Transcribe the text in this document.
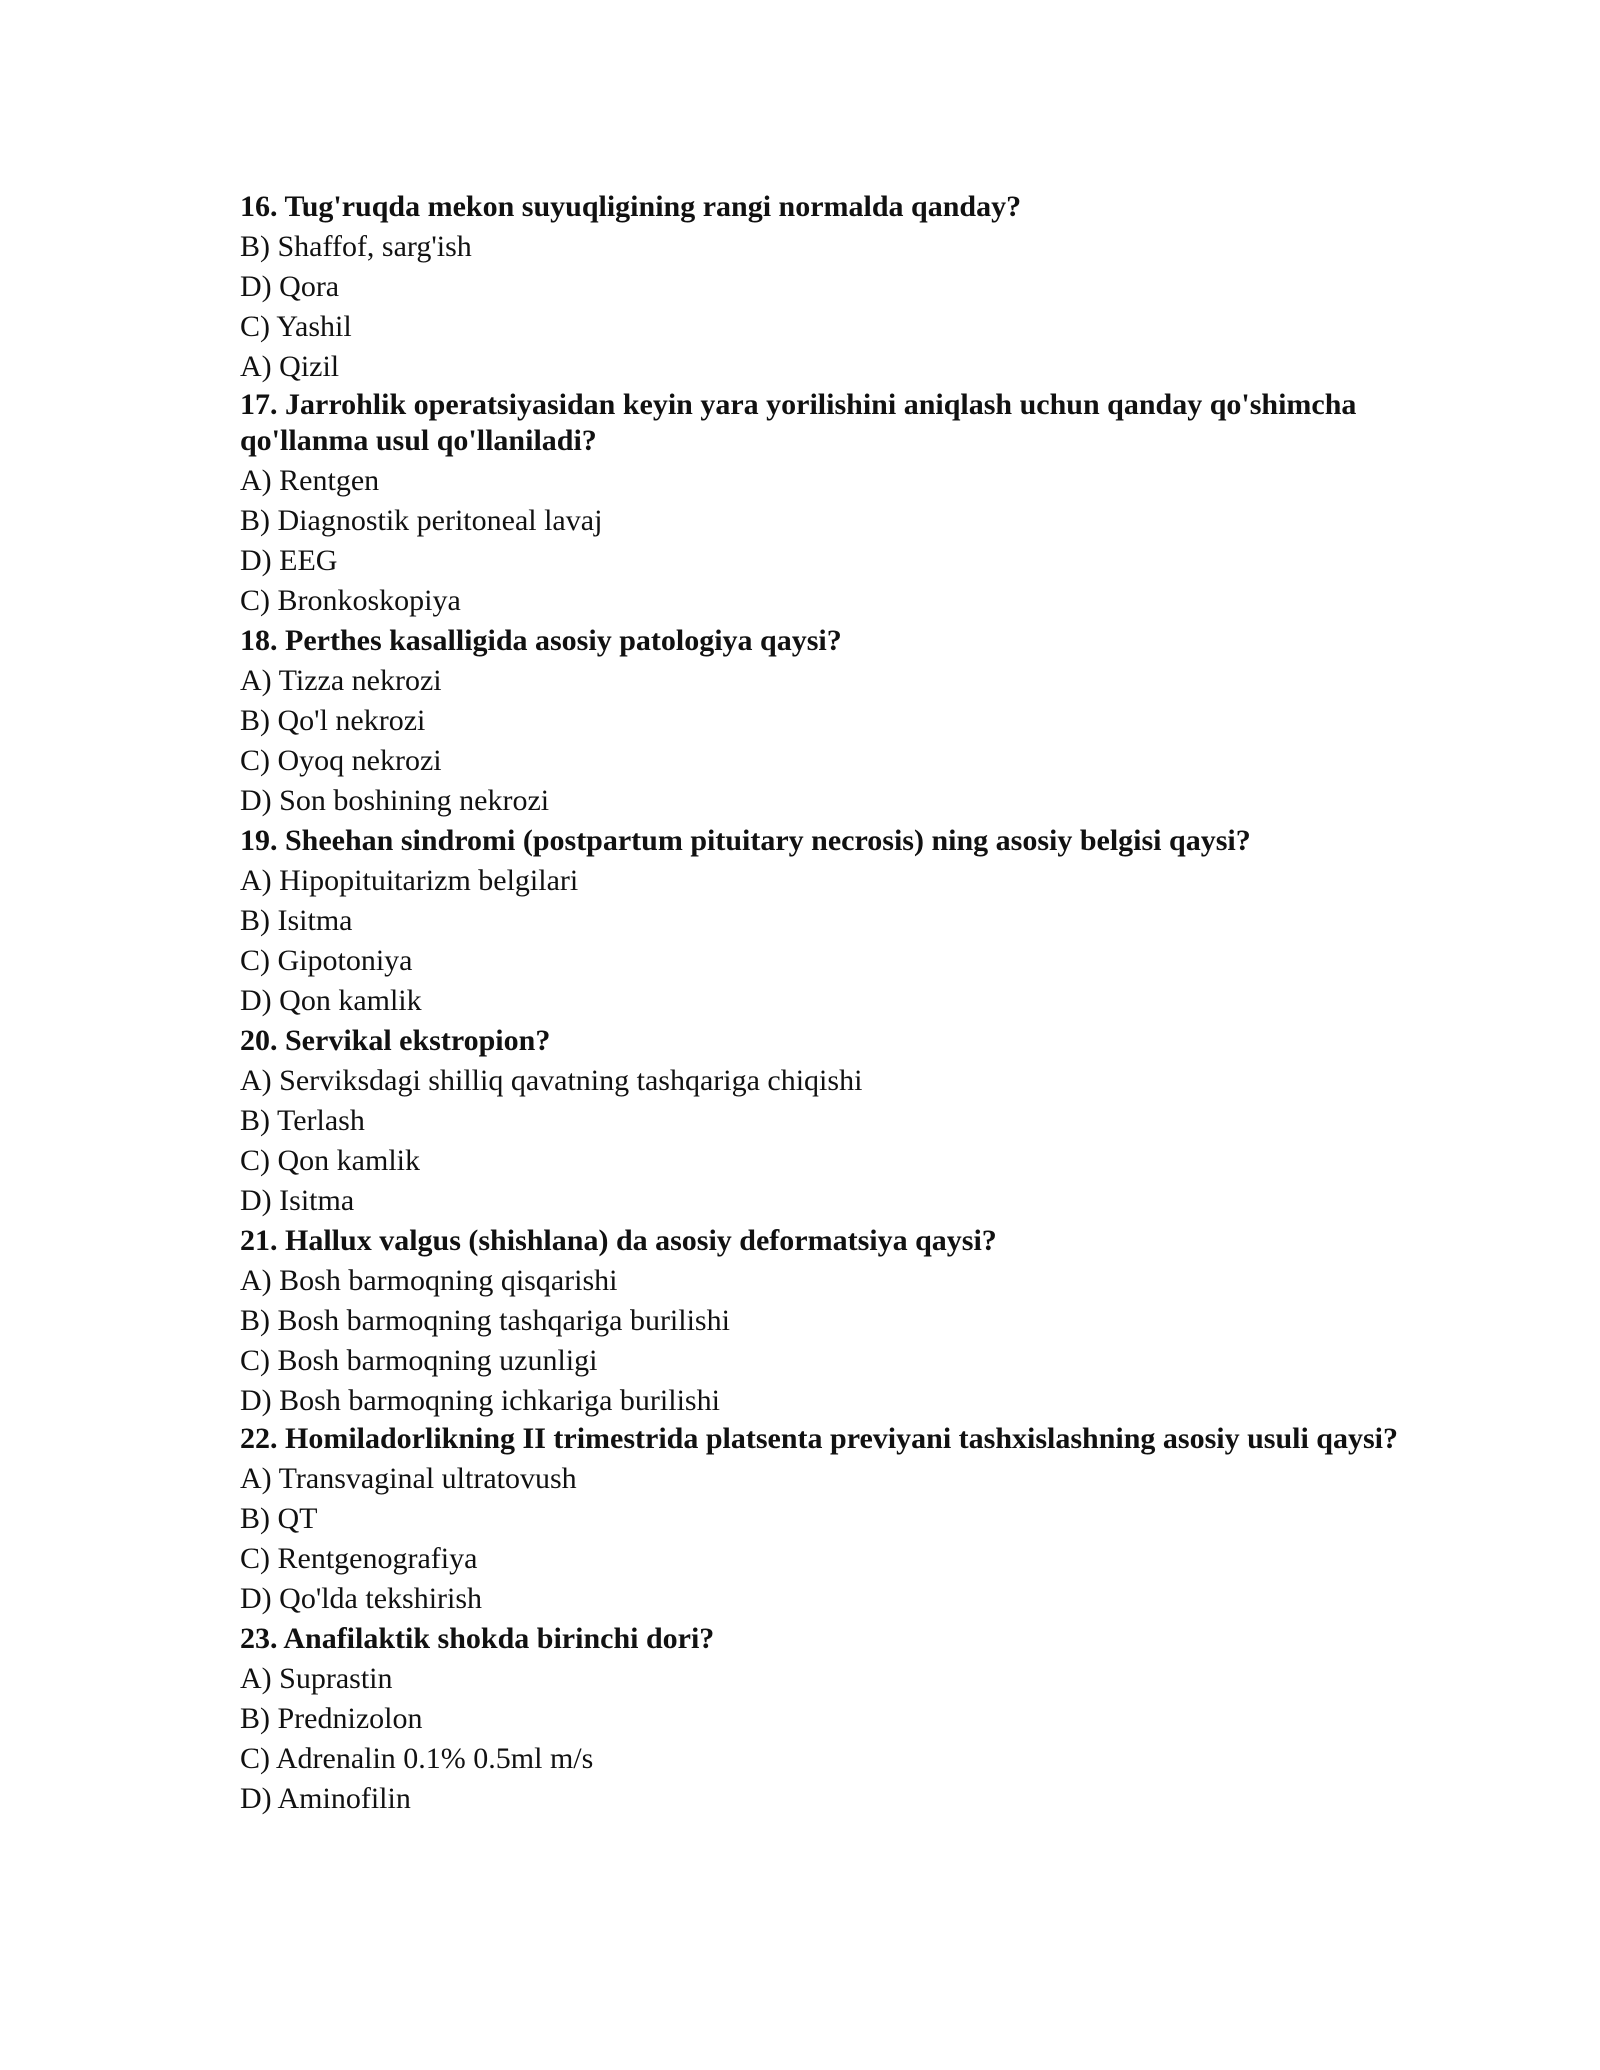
16. Tug'ruqda mekon suyuqligining rangi normalda qanday?
B) Shaffof, sarg'ish
D) Qora
C) Yashil
A) Qizil
17. Jarrohlik operatsiyasidan keyin yara yorilishini aniqlash uchun qanday qo'shimcha qo'llanma usul qo'llaniladi?
A) Rentgen
B) Diagnostik peritoneal lavaj
D) EEG
C) Bronkoskopiya
18. Perthes kasalligida asosiy patologiya qaysi?
A) Tizza nekrozi
B) Qo'l nekrozi
C) Oyoq nekrozi
D) Son boshining nekrozi
19. Sheehan sindromi (postpartum pituitary necrosis) ning asosiy belgisi qaysi?
A) Hipopituitarizm belgilari
B) Isitma
C) Gipotoniya
D) Qon kamlik
20. Servikal ekstropion?
A) Serviksdagi shilliq qavatning tashqariga chiqishi
B) Terlash
C) Qon kamlik
D) Isitma
21. Hallux valgus (shishlana) da asosiy deformatsiya qaysi?
A) Bosh barmoqning qisqarishi
B) Bosh barmoqning tashqariga burilishi
C) Bosh barmoqning uzunligi
D) Bosh barmoqning ichkariga burilishi
22. Homiladorlikning II trimestrida platsenta previyani tashxislashning asosiy usuli qaysi?
A) Transvaginal ultratovush
B) QT
C) Rentgenografiya
D) Qo'lda tekshirish
23. Anafilaktik shokda birinchi dori?
A) Suprastin
B) Prednizolon
C) Adrenalin 0.1% 0.5ml m/s
D) Aminofilin
